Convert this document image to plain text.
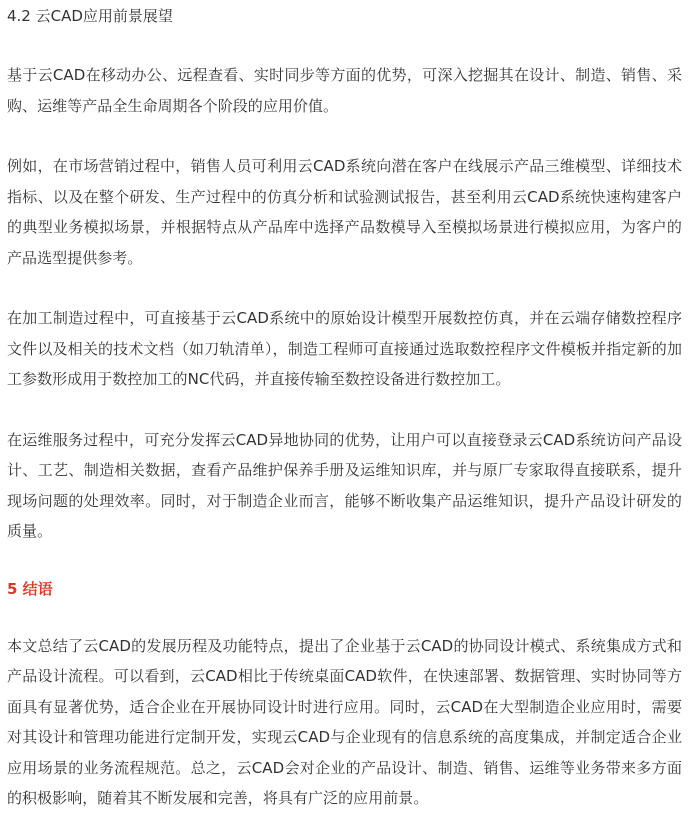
4.2 云CAD应用前景展望

基于云CAD在移动办公、远程查看、实时同步等方面的优势，可深入挖掘其在设计、制造、销售、采购、运维等产品全生命周期各个阶段的应用价值。

例如，在市场营销过程中，销售人员可利用云CAD系统向潜在客户在线展示产品三维模型、详细技术指标、以及在整个研发、生产过程中的仿真分析和试验测试报告，甚至利用云CAD系统快速构建客户的典型业务模拟场景，并根据特点从产品库中选择产品数模导入至模拟场景进行模拟应用，为客户的产品选型提供参考。

在加工制造过程中，可直接基于云CAD系统中的原始设计模型开展数控仿真，并在云端存储数控程序文件以及相关的技术文档（如刀轨清单），制造工程师可直接通过选取数控程序文件模板并指定新的加工参数形成用于数控加工的NC代码，并直接传输至数控设备进行数控加工。

在运维服务过程中，可充分发挥云CAD异地协同的优势，让用户可以直接登录云CAD系统访问产品设计、工艺、制造相关数据，查看产品维护保养手册及运维知识库，并与原厂专家取得直接联系，提升现场问题的处理效率。同时，对于制造企业而言，能够不断收集产品运维知识，提升产品设计研发的质量。

5 结语

本文总结了云CAD的发展历程及功能特点，提出了企业基于云CAD的协同设计模式、系统集成方式和产品设计流程。可以看到，云CAD相比于传统桌面CAD软件，在快速部署、数据管理、实时协同等方面具有显著优势，适合企业在开展协同设计时进行应用。同时，云CAD在大型制造企业应用时，需要对其设计和管理功能进行定制开发，实现云CAD与企业现有的信息系统的高度集成，并制定适合企业应用场景的业务流程规范。总之，云CAD会对企业的产品设计、制造、销售、运维等业务带来多方面的积极影响，随着其不断发展和完善，将具有广泛的应用前景。
